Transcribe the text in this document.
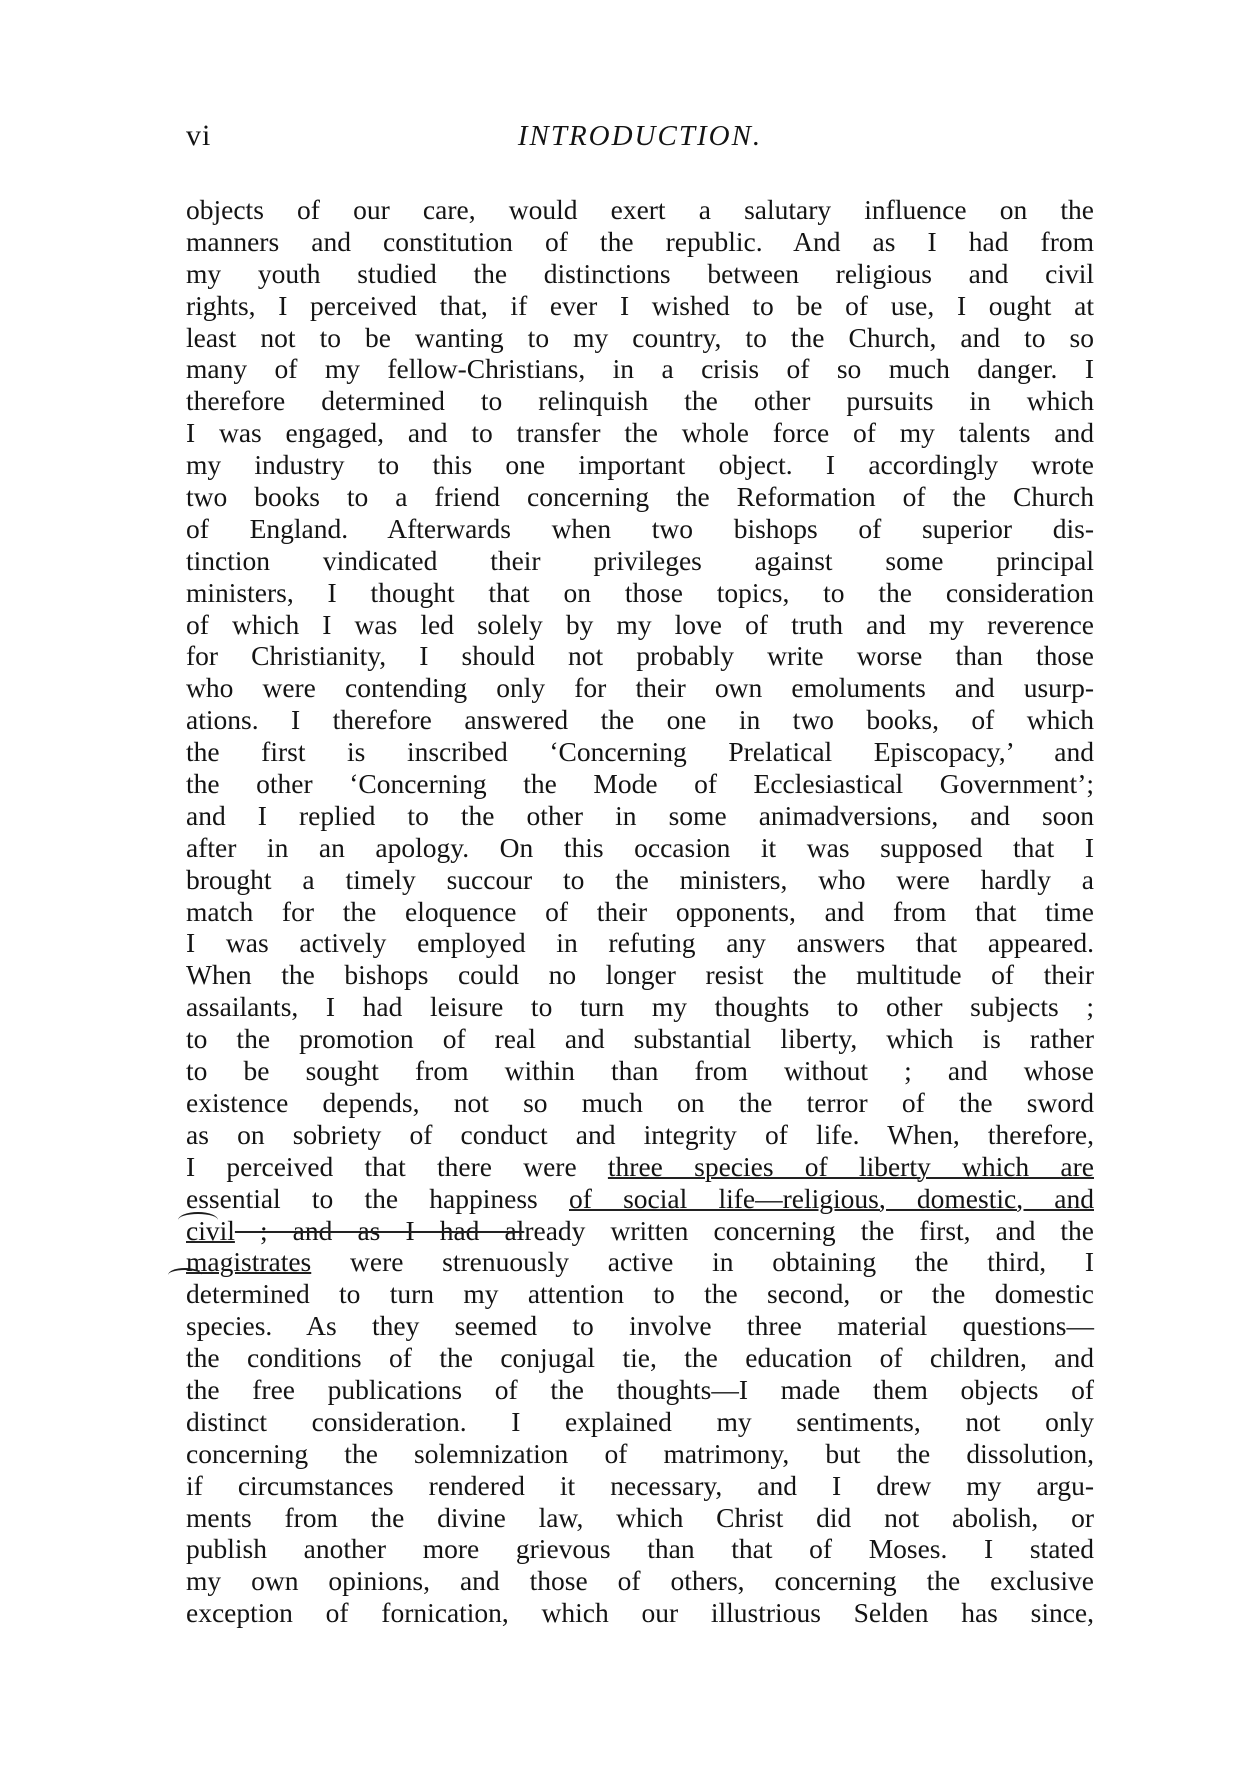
vi	INTRODUCTION.
objects of our care, would exert a salutary influence on the
manners and constitution of the republic. And as I had from
my youth studied the distinctions between religious and civil
rights, I perceived that, if ever I wished to be of use, I ought at
least not to be wanting to my country, to the Church, and to so
many of my fellow-Christians, in a crisis of so much danger. I
therefore determined to relinquish the other pursuits in which
I was engaged, and to transfer the whole force of my talents and
my industry to this one important object. I accordingly wrote
two books to a friend concerning the Reformation of the Church
of England. Afterwards when two bishops of superior dis-
tinction vindicated their privileges against some principal
ministers, I thought that on those topics, to the consideration
of which I was led solely by my love of truth and my reverence
for Christianity, I should not probably write worse than those
who were contending only for their own emoluments and usurp-
ations. I therefore answered the one in two books, of which
the first is inscribed ‘Concerning Prelatical Episcopacy,’ and
the other ‘Concerning the Mode of Ecclesiastical Government’;
and I replied to the other in some animadversions, and soon
after in an apology. On this occasion it was supposed that I
brought a timely succour to the ministers, who were hardly a
match for the eloquence of their opponents, and from that time
I was actively employed in refuting any answers that appeared.
When the bishops could no longer resist the multitude of their
assailants, I had leisure to turn my thoughts to other subjects ;
to the promotion of real and substantial liberty, which is rather
to be sought from within than from without ; and whose
existence depends, not so much on the terror of the sword
as on sobriety of conduct and integrity of life. When, therefore,
I perceived that there were three species of liberty which are
essential to the happiness of social life—religious, domestic, and
civil ; and as I had already written concerning the first, and the
magistrates were strenuously active in obtaining the third, I
determined to turn my attention to the second, or the domestic
species. As they seemed to involve three material questions—
the conditions of the conjugal tie, the education of children, and
the free publications of the thoughts—I made them objects of
distinct consideration. I explained my sentiments, not only
concerning the solemnization of matrimony, but the dissolution,
if circumstances rendered it necessary, and I drew my argu-
ments from the divine law, which Christ did not abolish, or
publish another more grievous than that of Moses. I stated
my own opinions, and those of others, concerning the exclusive
exception of fornication, which our illustrious Selden has since,
